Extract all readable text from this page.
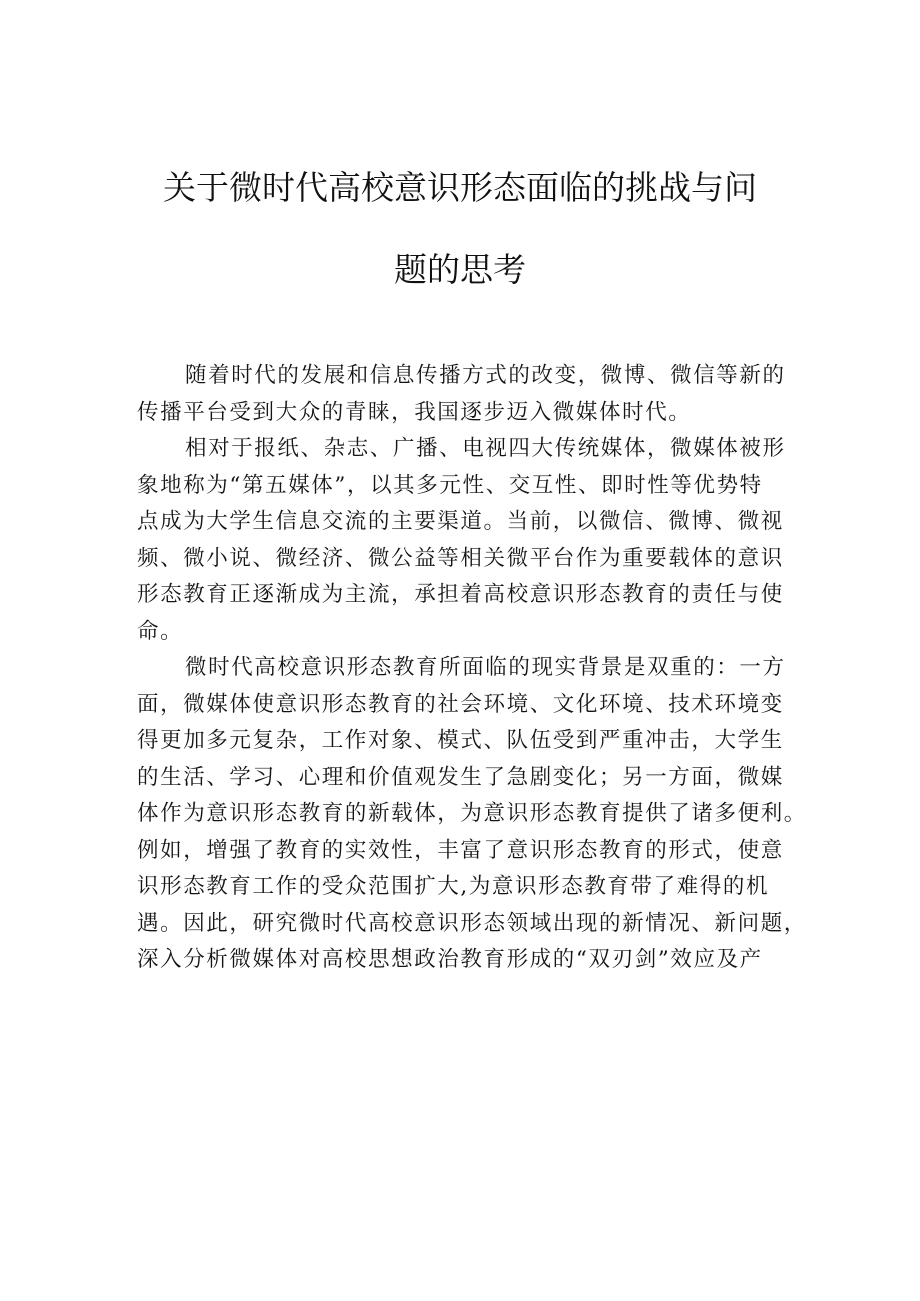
关于微时代高校意识形态面临的挑战与问
题的思考
随着时代的发展和信息传播方式的改变，微博、微信等新的
传播平台受到大众的青睐，我国逐步迈入微媒体时代。
相对于报纸、杂志、广播、电视四大传统媒体，微媒体被形
象地称为“第五媒体”，以其多元性、交互性、即时性等优势特
点成为大学生信息交流的主要渠道。当前，以微信、微博、微视
频、微小说、微经济、微公益等相关微平台作为重要载体的意识
形态教育正逐渐成为主流，承担着高校意识形态教育的责任与使
命。
微时代高校意识形态教育所面临的现实背景是双重的：一方
面，微媒体使意识形态教育的社会环境、文化环境、技术环境变
得更加多元复杂，工作对象、模式、队伍受到严重冲击，大学生
的生活、学习、心理和价值观发生了急剧变化；另一方面，微媒
体作为意识形态教育的新载体，为意识形态教育提供了诸多便利。
例如，增强了教育的实效性，丰富了意识形态教育的形式，使意
识形态教育工作的受众范围扩大,为意识形态教育带了难得的机
遇。因此，研究微时代高校意识形态领域出现的新情况、新问题，
深入分析微媒体对高校思想政治教育形成的“双刃剑”效应及产
